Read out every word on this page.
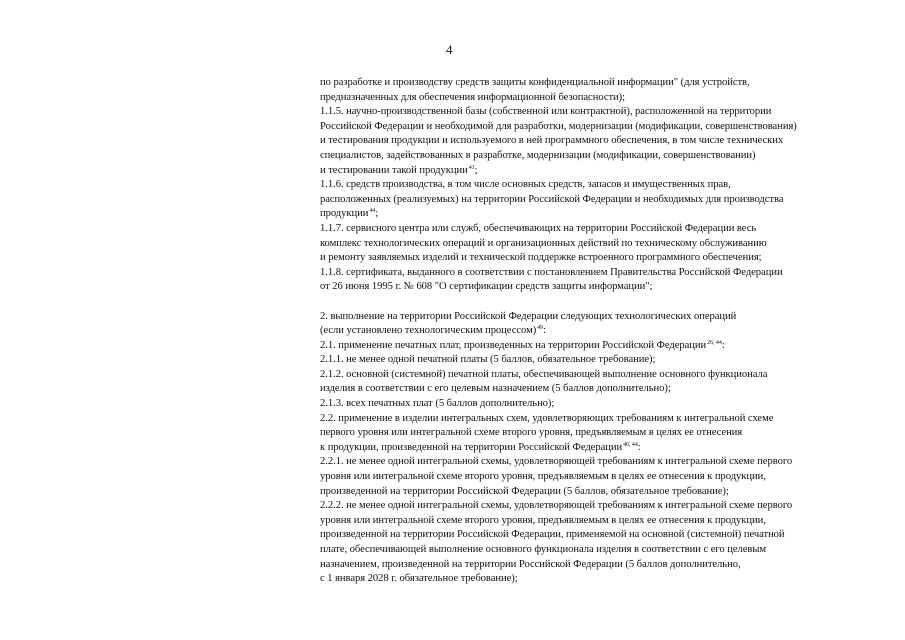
4
по разработке и производству средств защиты конфиденциальной информации" (для устройств,
предназначенных для обеспечения информационной безопасности);
1.1.5. научно-производственной базы (собственной или контрактной), расположенной на территории
Российской Федерации и необходимой для разработки, модернизации (модификации, совершенствования)
и тестирования продукции и используемого в ней программного обеспечения, в том числе технических
специалистов, задействованных в разработке, модернизации (модификации, совершенствовании)
и тестировании такой продукции$^{41}$;
1.1.6. средств производства, в том числе основных средств, запасов и имущественных прав,
расположенных (реализуемых) на территории Российской Федерации и необходимых для производства
продукции$^{44}$;
1.1.7. сервисного центра или служб, обеспечивающих на территории Российской Федерации весь
комплекс технологических операций и организационных действий по техническому обслуживанию
и ремонту заявляемых изделий и технической поддержке встроенного программного обеспечения;
1.1.8. сертификата, выданного в соответствии с постановлением Правительства Российской Федерации
от 26 июня 1995 г. № 608 "О сертификации средств защиты информации";
2. выполнение на территории Российской Федерации следующих технологических операций
(если установлено технологическим процессом)$^{49}$:
2.1. применение печатных плат, произведенных на территории Российской Федерации$^{26, 44}$:
2.1.1. не менее одной печатной платы (5 баллов, обязательное требование);
2.1.2. основной (системной) печатной платы, обеспечивающей выполнение основного функционала
изделия в соответствии с его целевым назначением (5 баллов дополнительно);
2.1.3. всех печатных плат (5 баллов дополнительно);
2.2. применение в изделии интегральных схем, удовлетворяющих требованиям к интегральной схеме
первого уровня или интегральной схеме второго уровня, предъявляемым в целях ее отнесения
к продукции, произведенной на территории Российской Федерации$^{40, 44}$:
2.2.1. не менее одной интегральной схемы, удовлетворяющей требованиям к интегральной схеме первого
уровня или интегральной схеме второго уровня, предъявляемым в целях ее отнесения к продукции,
произведенной на территории Российской Федерации (5 баллов, обязательное требование);
2.2.2. не менее одной интегральной схемы, удовлетворяющей требованиям к интегральной схеме первого
уровня или интегральной схеме второго уровня, предъявляемым в целях ее отнесения к продукции,
произведенной на территории Российской Федерации, применяемой на основной (системной) печатной
плате, обеспечивающей выполнение основного функционала изделия в соответствии с его целевым
назначением, произведенной на территории Российской Федерации (5 баллов дополнительно,
с 1 января 2028 г. обязательное требование);
